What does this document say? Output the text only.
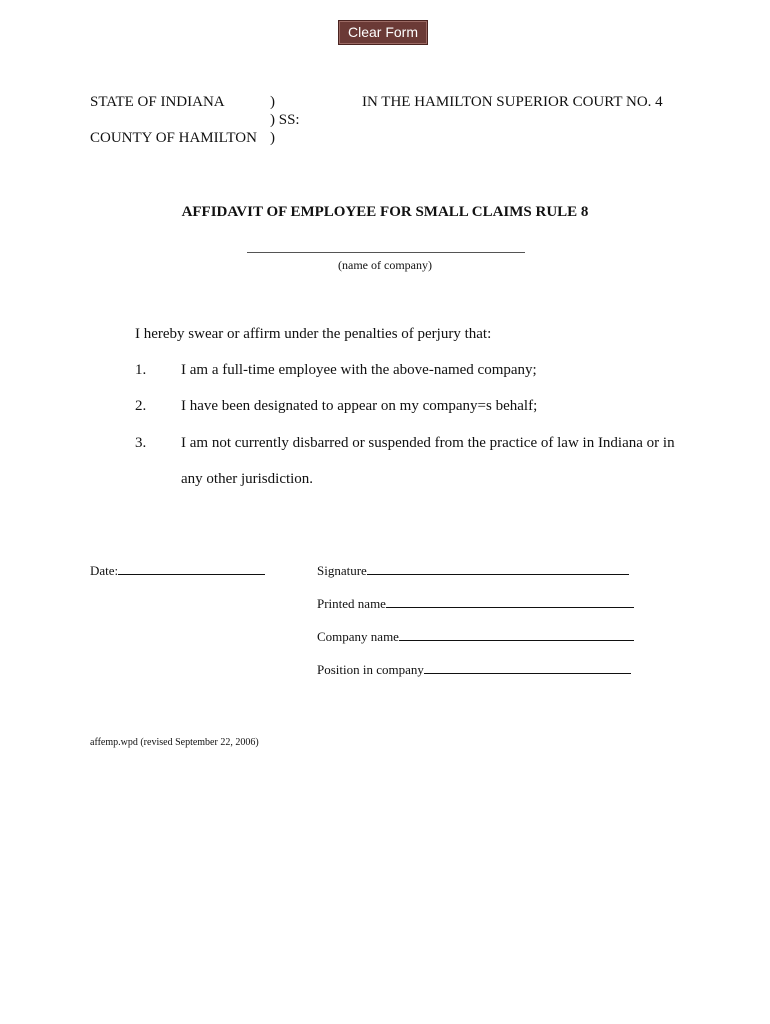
Clear Form
STATE OF INDIANA	)	IN THE HAMILTON SUPERIOR COURT NO. 4
) SS:
COUNTY OF HAMILTON )
AFFIDAVIT OF EMPLOYEE FOR SMALL CLAIMS RULE 8
(name of company)
I hereby swear or affirm under the penalties of perjury that:
1. I am a full-time employee with the above-named company;
2. I have been designated to appear on my company=s behalf;
3. I am not currently disbarred or suspended from the practice of law in Indiana or in
any other jurisdiction.
Date:	Signature
Printed name
Company name
Position in company
affemp.wpd (revised September 22, 2006)
